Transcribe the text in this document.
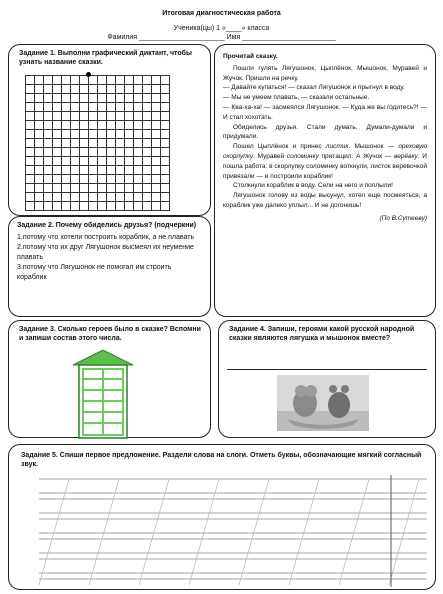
Итоговая диагностическая работа
Ученика(цы) 1 «____» класса
Фамилия ______________________ Имя ________________________
Задание 1. Выполни графический диктант, чтобы узнать название сказки.

Прочитай сказку.

Пошли гулять Лягушонок, Цыплёнок, Мышонок, Муравей и Жучок. Пришли на речку.

— Давайте купаться! — сказал Лягушонок и прыгнул в воду.

— Мы не умеем плавать, — сказали остальные.

— Ква-ха-ха! — засмеялся Лягушонок. — Куда же вы годитесь?! — И стал хохотать.

Обиделись друзья. Стали думать. Думали-думали и придумали.

Пошел Цыплёнок и принес листик. Мышонок — ореховую скорлупку. Муравей соломинку притащил. А Жучок — верёвку. И пошла работа: в скорлупку соломинку воткнули, листок веревочкой привязали — и построили кораблик!

Столкнули кораблик в воду. Сели на него и поплыли!

Лягушонок голову из воды высунул, хотел еще посмеяться, а кораблик уже далеко уплыл... И не догонишь!

(По В.Сутееву)

Задание 2. Почему обиделись друзья? (подчеркни)

1.потому что хотели построить кораблик, а не плавать

2.потому что их друг Лягушонок высмеял их неумение плавать

3.потому что Лягушонок не помогал им строить кораблик

Задание 3. Сколько героев было в сказке? Вспомни и запиши состав этого числа.
Задание 4. Запиши, героями какой русской народной сказки являются лягушка и мышонок вместе?
Задание 5. Спиши первое предложение. Раздели слова на слоги. Отметь буквы, обозначающие мягкий согласный звук.
